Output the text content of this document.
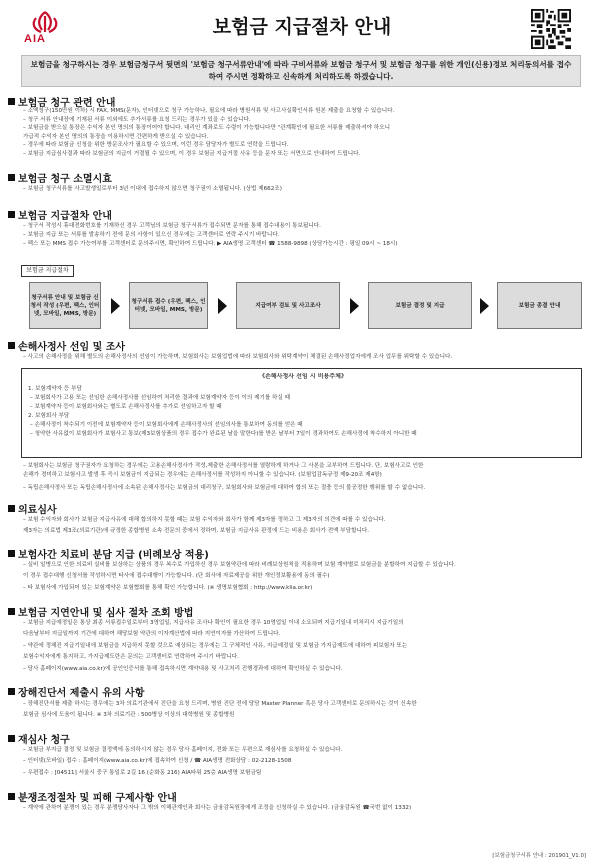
AIA
보험금 지급절차 안내
보험금을 청구하시는 경우 보험금청구서 뒷면의 '보험금 청구서류안내'에 따라 구비서류와 보험금 청구서 및 보험금 청구를 위한 개인(신용)정보 처리동의서를 접수하여 주시면 정확하고 신속하게 처리하도록 하겠습니다.
보험금 청구 관련 안내
– 소액청구(150만원 이하) 시 FAX, MMS(문자), 인터넷으로 청구 가능하나, 필요에 따라 병원서류 및 사고사실확인서류 원본 제출을 요청할 수 있습니다.
– 청구 서류 안내장에 기재된 서류 이외에도 추가서류를 요청 드리는 경우가 있을 수 있습니다.
– 보험금을 받으실 통장은 수익자 본인 명의의 통장이어야 합니다. 대리인 계좌로도 수령이 가능합니다만 "관계확인에 필요한 서류를 제출하셔야 하오니
가급적 수익자 본인 명의의 통장을 이용하시면 간편하게 받으실 수 있습니다.
– 경우에 따라 보험금 신청을 위한 방문조사가 필요할 수 있으며, 이런 경우 담당자가 별도로 연락을 드립니다.
– 보험금 지급심사결과 따라 보험금의 지급이 거절될 수 있으며, 이 경우 보험금 지급거절 사유 등을 문자 또는 서면으로 안내하여 드립니다.
보험금 청구 소멸시효
– 보험금 청구서류를 사고발생일로부터 3년 이내에 접수하지 않으면 청구권이 소멸됩니다. (상법 제662조)
보험금 지급절차 안내
– 청구서 작성시 휴대전화번호를 기재하신 경우 고객님의 보험금 청구서류가 접수되면 문자를 통해 접수내용이 통보됩니다.
– 보험금 지급 또는 서류를 발송하기 전에 문의 사항이 있으신 경우에는 고객센터로 연락 주시기 바랍니다.
– 팩스 또는 MMS 접수 가능여부를 고객센터로 문의주시면, 확인하여 드립니다. ▶ AIA생명 고객센터 ☎ 1588-9898 (상담가능시간 : 평일 09시 ~ 18시)
보험금 지급절차
청구서류 안내 및 보험금 신청서 작성 (우편, 팩스, 인터넷, 모바일, MMS, 방문)
청구서류 접수 (우편, 팩스, 인터넷, 모바일, MMS, 방문)
지급여부 검토 및 사고조사	보험금 결정 및 지급	보험금 종결 안내
손해사정사 선임 및 조사
– 사고의 손해사정을 위해 별도의 손해사정사의 선임이 가능하며, 보험회사는 보험업법에 따라 보험회사와 위탁계약이 체결된 손해사정업자에게 조사 업무를 위탁할 수 있습니다.
《손해사정사 선임 시 비용주체》
1. 보험계약자 등 부담
– 보험회사가 고용 또는 선임한 손해사정사를 선임하여 처리한 결과에 보험계약자 등이 이의 제기를 하실 때
– 보험계약자 등이 보험회사와는 별도로 손해사정사를 추가로 선임하고자 할 때
2. 보험회사 부담
– 손해사정이 착수되기 이전에 보험계약자 등이 보험회사에게 손해사정사의 선임의사를 통보하여 동의를 얻은 때
– 청약한 사유없이 보험회사가 보험사고 통보(제3보험상품의 경우 접수가 완료된 날을 말한다)를 받은 날부터 7일이 경과하여도 손해사정에 착수하지 아니한 때
– 보험회사는 보험금 청구권자가 요청하는 경우에는 고용손해사정사가 작성,제출한 손해사정서를 열람하게 하거나 그 사본을 교부하여 드립니다. 단, 보험사고로 인한
손해가 경미하고 보험사고 발생 후 즉시 보험금이 지급되는 경우에는 손해사정서를 작성하지 아니할 수 있습니다. (보험업감독규정 제9-20조 제4항)
– 독립손해사정사 또는 독립손해사정사에 소속된 손해사정사는 보험금의 대리청구, 보험회사와 보험금에 대하여 합의 또는 절충 등의 불공정한 행위를 할 수 없습니다.
의료심사
– 보험 수익자와 회사가 보험금 지급사유에 대해 합의하지 못할 때는 보험 수익자와 회사가 함께 제3자를 정하고 그 제3자의 의견에 따를 수 있습니다.
제3자는 의료법 제3조(의료기관)에 규정한 종합병원 소속 전문의 중에서 정하며, 보험금 지급사유 판정에 드는 비용은 회사가 전액 부담합니다.
보험사간 치료비 분담 지급 (비례보상 적용)
– 실비 일병으로 인한 의료비 실비를 보상하는 상품의 경우 복수로 가입하신 경우 보험약관에 따라 비례보상원칙을 적용하며 보험 계약별로 보험금을 분할하여 지급할 수 있습니다.
이 경우 접수대행 신청서를 작성하시면 타사에 접수대행이 가능합니다. (단 회사에 자료제공을 위한 개인정보활용에 동의 필수)
– 타 보험사에 가입되어 있는 보험계약은 보험협회를 통해 확인 가능합니다. (※ 생명보험협회 : http://www.klia.or.kr)
보험금 지연안내 및 심사 절차 조회 방법
– 보험금 지급예정일은 통상 최종 서류접수일로부터 3영업일, 지급사유 조사나 확인이 필요한 경우 10영업일 이내 소요되며 지급기일내 미처리시 지급기일의
다음날부터 지급일까지 기간에 대하여 해당보험 약관의 이자계산법에 따라 지연이자를 가산하여 드립니다.
– 약관에 정해진 지급기일내에 보험금을 지급하지 못할 것으로 예상되는 경우에는 그 구체적인 사유, 지급예정일 및 보험금 가지급제도에 대하여 피보험자 또는
보험수익자에게 통지하고, 가지급제도란은 문의는 고객센터로 연락하여 주시기 바랍니다.
– 당사 홈페이지(www.aia.co.kr)에 공인인증서를 통해 접속하시면 계약내용 및 사고처리 진행경과에 대하여 확인하실 수 있습니다.
장해진단서 제출시 유의 사항
– 장해진단서를 제출 하시는 경우에는 3차 의료기관에서 진단을 요청 드리며, 병원 진단 전에 당담 Master Planner 혹은 당사 고객센터로 문의하시는 것이 신속한
보험금 심사에 도움이 됩니다. ※ 3차 의료기관 : 500병상 이상의 대학병원 및 종합병원
재심사 청구
– 보험금 부지급 결정 및 보험금 결정액에 동의하시지 않는 경우 당사 홈페이지, 전화 또는 우편으로 재심사를 요청하실 수 있습니다.
– 인터넷(모바일) 접수 : 홈페이지(www.aia.co.kr)에 접속하여 신청 / ☎ AIA생명 전화상담 : 02-2128-1508
– 우편접수 : [04511] 서울시 중구 통일로 2길 16 (순화동 216) AIA타워 25층 AIA생명 보험금팀
분쟁조정절차 및 피해 구제사항 안내
– 계약에 관하여 분쟁이 있는 경우 분쟁당사자나 그 밖의 이해관계인과 회사는 금융감독원장에게 조정을 신청하실 수 있습니다. (금융감독원 ☎국번 없이 1332)
[보험금청구서류 안내 : 201901_V1.0]
